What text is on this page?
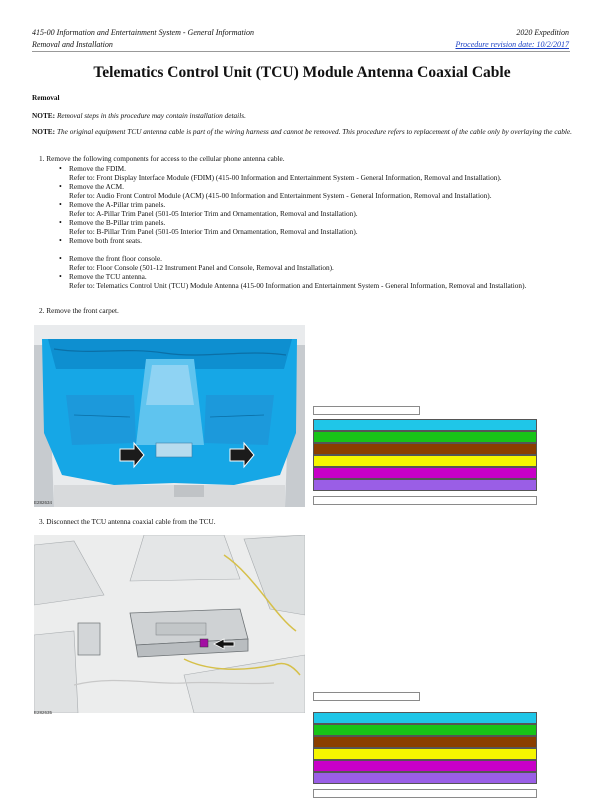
415-00 Information and Entertainment System - General Information
Removal and Installation
2020 Expedition
Procedure revision date: 10/2/2017
Telematics Control Unit (TCU) Module Antenna Coaxial Cable
Removal
NOTE: Removal steps in this procedure may contain installation details.
NOTE: The original equipment TCU antenna cable is part of the wiring harness and cannot be removed. This procedure refers to replacement of the cable only by overlaying the cable.
1. Remove the following components for access to the cellular phone antenna cable.
• Remove the FDIM.
Refer to: Front Display Interface Module (FDIM) (415-00 Information and Entertainment System - General Information, Removal and Installation).
• Remove the ACM.
Refer to: Audio Front Control Module (ACM) (415-00 Information and Entertainment System - General Information, Removal and Installation).
• Remove the A-Pillar trim panels.
Refer to: A-Pillar Trim Panel (501-05 Interior Trim and Ornamentation, Removal and Installation).
• Remove the B-Pillar trim panels.
Refer to: B-Pillar Trim Panel (501-05 Interior Trim and Ornamentation, Removal and Installation).
• Remove both front seats.
• Remove the front floor console.
Refer to: Floor Console (501-12 Instrument Panel and Console, Removal and Installation).
• Remove the TCU antenna.
Refer to: Telematics Control Unit (TCU) Module Antenna (415-00 Information and Entertainment System - General Information, Removal and Installation).
2. Remove the front carpet.
E282634
3. Disconnect the TCU antenna coaxial cable from the TCU.
E282635
